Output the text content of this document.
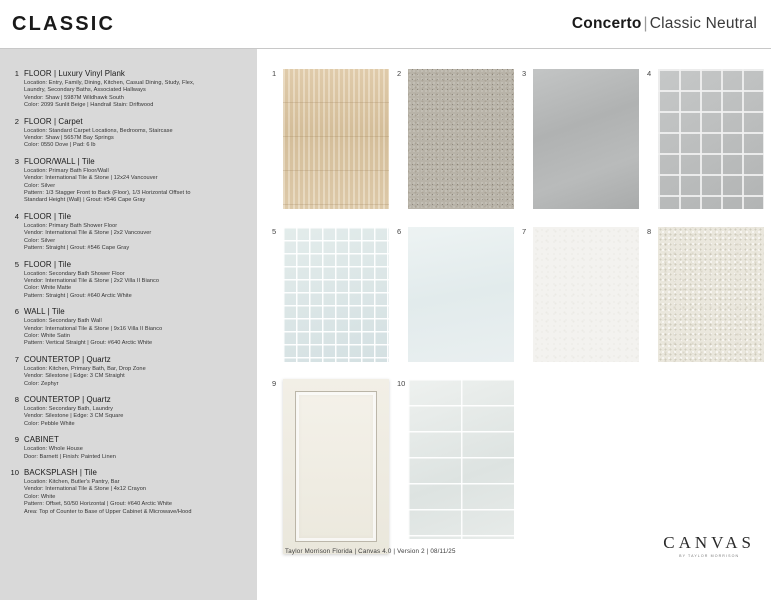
CLASSIC	Concerto | Classic Neutral
1 FLOOR | Luxury Vinyl Plank
Location: Entry, Family, Dining, Kitchen, Casual Dining, Study, Flex,
Laundry, Secondary Baths, Associated Hallways
Vendor: Shaw | 5987M Wildhawk South
Color: 2099 Sunlit Beige | Handrail Stain: Driftwood
2 FLOOR | Carpet
Location: Standard Carpet Locations, Bedrooms, Staircase
Vendor: Shaw | 5657M Bay Springs
Color: 0550 Dove | Pad: 6 lb
3 FLOOR/WALL | Tile
Location: Primary Bath Floor/Wall
Vendor: International Tile & Stone | 12x24 Vancouver
Color: Silver
Pattern: 1/3 Stagger Front to Back (Floor), 1/3 Horizontal Offset to
Standard Height (Wall) | Grout: #546 Cape Gray
4 FLOOR | Tile
Location: Primary Bath Shower Floor
Vendor: International Tile & Stone | 2x2 Vancouver
Color: Silver
Pattern: Straight | Grout: #546 Cape Gray
5 FLOOR | Tile
Location: Secondary Bath Shower Floor
Vendor: International Tile & Stone | 2x2 Villa II Bianco
Color: White Matte
Pattern: Straight | Grout: #640 Arctic White
6 WALL | Tile
Location: Secondary Bath Wall
Vendor: International Tile & Stone | 9x16 Villa II Bianco
Color: White Satin
Pattern: Vertical Straight | Grout: #640 Arctic White
7 COUNTERTOP | Quartz
Location: Kitchen, Primary Bath, Bar, Drop Zone
Vendor: Silestone | Edge: 3 CM Straight
Color: Zephyr
8 COUNTERTOP | Quartz
Location: Secondary Bath, Laundry
Vendor: Silestone | Edge: 3 CM Square
Color: Pebble White
9 CABINET
Location: Whole House
Door: Barnett | Finish: Painted Linen
10 BACKSPLASH | Tile
Location: Kitchen, Butler's Pantry, Bar
Vendor: International Tile & Stone | 4x12 Crayon
Color: White
Pattern: Offset, 50/50 Horizontal | Grout: #640 Arctic White
Area: Top of Counter to Base of Upper Cabinet & Microwave/Hood
1	2	3	4
5	6	7	8
9	10
Taylor Morrison Florida | Canvas 4.0 | Version 2 | 08/11/25	CANVAS
BY TAYLOR MORRISON
